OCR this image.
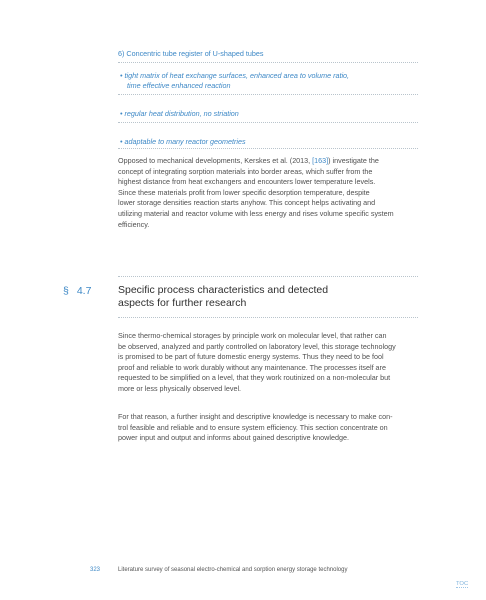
6) Concentric tube register of U-shaped tubes
• tight matrix of heat exchange surfaces, enhanced area to volume ratio,
time effective enhanced reaction
• regular heat distribution, no striation
• adaptable to many reactor geometries
Opposed to mechanical developments, Kerskes et al. (2013, [163]) investigate the
concept of integrating sorption materials into border areas, which suffer from the
highest distance from heat exchangers and encounters lower temperature levels.
Since these materials profit from lower specific desorption temperature, despite
lower storage densities reaction starts anyhow. This concept helps activating and
utilizing material and reactor volume with less energy and rises volume specific system
efficiency.
§ 4.7	Specific process characteristics and detected
aspects for further research
Since thermo-chemical storages by principle work on molecular level, that rather can
be observed, analyzed and partly controlled on laboratory level, this storage technology
is promised to be part of future domestic energy systems. Thus they need to be fool
proof and reliable to work durably without any maintenance. The processes itself are
requested to be simplified on a level, that they work routinized on a non-molecular but
more or less physically observed level.
For that reason, a further insight and descriptive knowledge is necessary to make con-
trol feasible and reliable and to ensure system efficiency. This section concentrate on
power input and output and informs about gained descriptive knowledge.
323	Literature survey of seasonal electro-chemical and sorption energy storage technology
TOC
